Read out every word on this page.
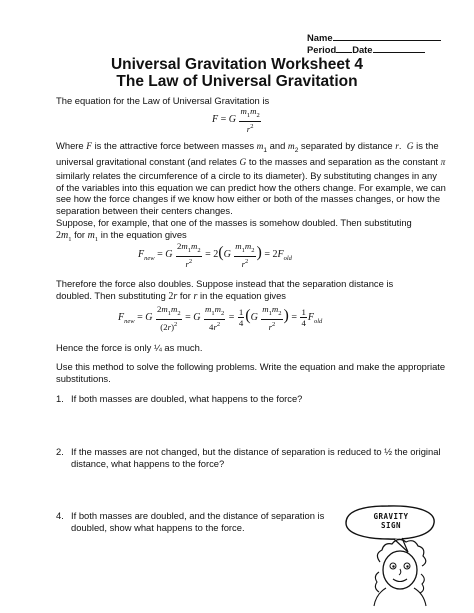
Name
Period Date
Universal Gravitation Worksheet 4
The Law of Universal Gravitation
The equation for the Law of Universal Gravitation is
F = G $\frac{m_1m_2}{r^2}$
Where F is the attractive force between masses $m_1$ and $m_2$ separated by distance r.  G is the universal gravitational constant (and relates G to the masses and separation as the constant π similarly relates the circumference of a circle to its diameter). By substituting changes in any of the variables into this equation we can predict how the others change. For example, we can see how the force changes if we know how either or both of the masses changes, or how the separation between their centers changes.
Suppose, for example, that one of the masses is somehow doubled. Then substituting
$2m_1$ for $m_1$ in the equation gives
$F_{new} = G \frac{2m_1m_2}{r^2} = 2(G \frac{m_1m_2}{r^2}$ ) = $2F_{old}$
Therefore the force also doubles. Suppose instead that the separation distance is
doubled. Then substituting 2r for r in the equation gives
$F_{new} = G \frac{2m_1m_2}{(2r)^2} = G \frac{m_1m_2}{4r^2} = \frac{1}{4} (G \frac{m_1m_2}{r^2}$ ) = $\frac{1}{4} F_{old}$
Hence the force is only ¼ as much.
Use this method to solve the following problems. Write the equation and make the appropriate substitutions.
1. If both masses are doubled, what happens to the force?
2. If the masses are not changed, but the distance of separation is reduced to ½ the original distance, what happens to the force?
4. If both masses are doubled, and the distance of separation is doubled, show what happens to the force.
GRAVITY
SIGN
